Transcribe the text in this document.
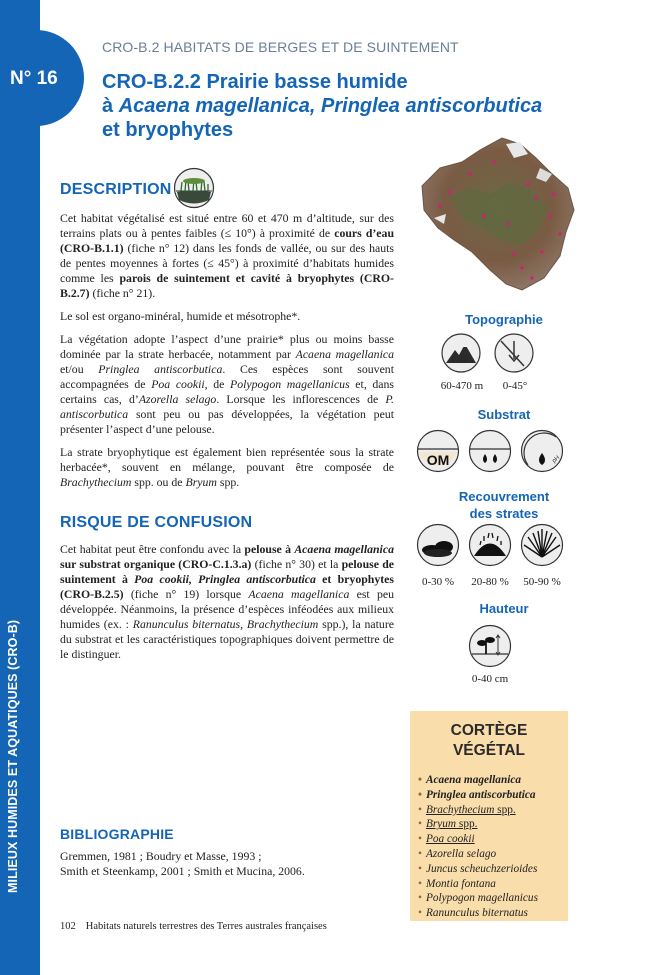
MILIEUX HUMIDES ET AQUATIQUES (CRO-B)
N° 16
CRO-B.2 HABITATS DE BERGES ET DE SUINTEMENT
CRO-B.2.2 Prairie basse humide
à Acaena magellanica, Pringlea antiscorbutica
et bryophytes
DESCRIPTION

Cet habitat végétalisé est situé entre 60 et 470 m d’altitude, sur des terrains plats ou à pentes faibles (≤ 10°) à proximité de cours d’eau (CRO-B.1.1) (fiche n° 12) dans les fonds de vallée, ou sur des hauts de pentes moyennes à fortes (≤ 45°) à proximité d’habitats humides comme les parois de suintement et cavité à bryophytes (CRO-B.2.7) (fiche n° 21).

Le sol est organo-minéral, humide et mésotrophe*.

La végétation adopte l’aspect d’une prairie* plus ou moins basse dominée par la strate herbacée, notamment par Acaena magellanica et/ou Pringlea antiscorbutica. Ces espèces sont souvent accompagnées de Poa cookii, de Polypogon magellanicus et, dans certains cas, d’Azorella selago. Lorsque les inflorescences de P. antiscorbutica sont peu ou pas développées, la végétation peut présenter l’aspect d’une pelouse.

La strate bryophytique est également bien représentée sous la strate herbacée*, souvent en mélange, pouvant être composée de Brachythecium spp. ou de Bryum spp.

RISQUE DE CONFUSION

Cet habitat peut être confondu avec la pelouse à Acaena magellanica sur substrat organique (CRO-C.1.3.a) (fiche n° 30) et la pelouse de suintement à Poa cookii, Pringlea antiscorbutica et bryophytes (CRO-B.2.5) (fiche n° 19) lorsque Acaena magellanica est peu développée. Néanmoins, la présence d’espèces inféodées aux milieux humides (ex. : Ranunculus biternatus, Brachythecium spp.), la nature du substrat et les caractéristiques topographiques doivent permettre de le distinguer.

BIBLIOGRAPHIE
Gremmen, 1981 ; Boudry et Masse, 1993 ;
Smith et Steenkamp, 2001 ; Smith et Mucina, 2006.
Topographie
60-470 m	0-45°
Substrat
OM	pH
Recouvrement
des strates
0-30 %	20-80 %	50-90 %
Hauteur
0-40 cm
CORTÈGE
VÉGÉTAL
• Acaena magellanica
• Pringlea antiscorbutica
• Brachythecium spp.
• Bryum spp.
• Poa cookii
• Azorella selago
• Juncus scheuchzerioides
• Montia fontana
• Polypogon magellanicus
• Ranunculus biternatus
102 Habitats naturels terrestres des Terres australes françaises
